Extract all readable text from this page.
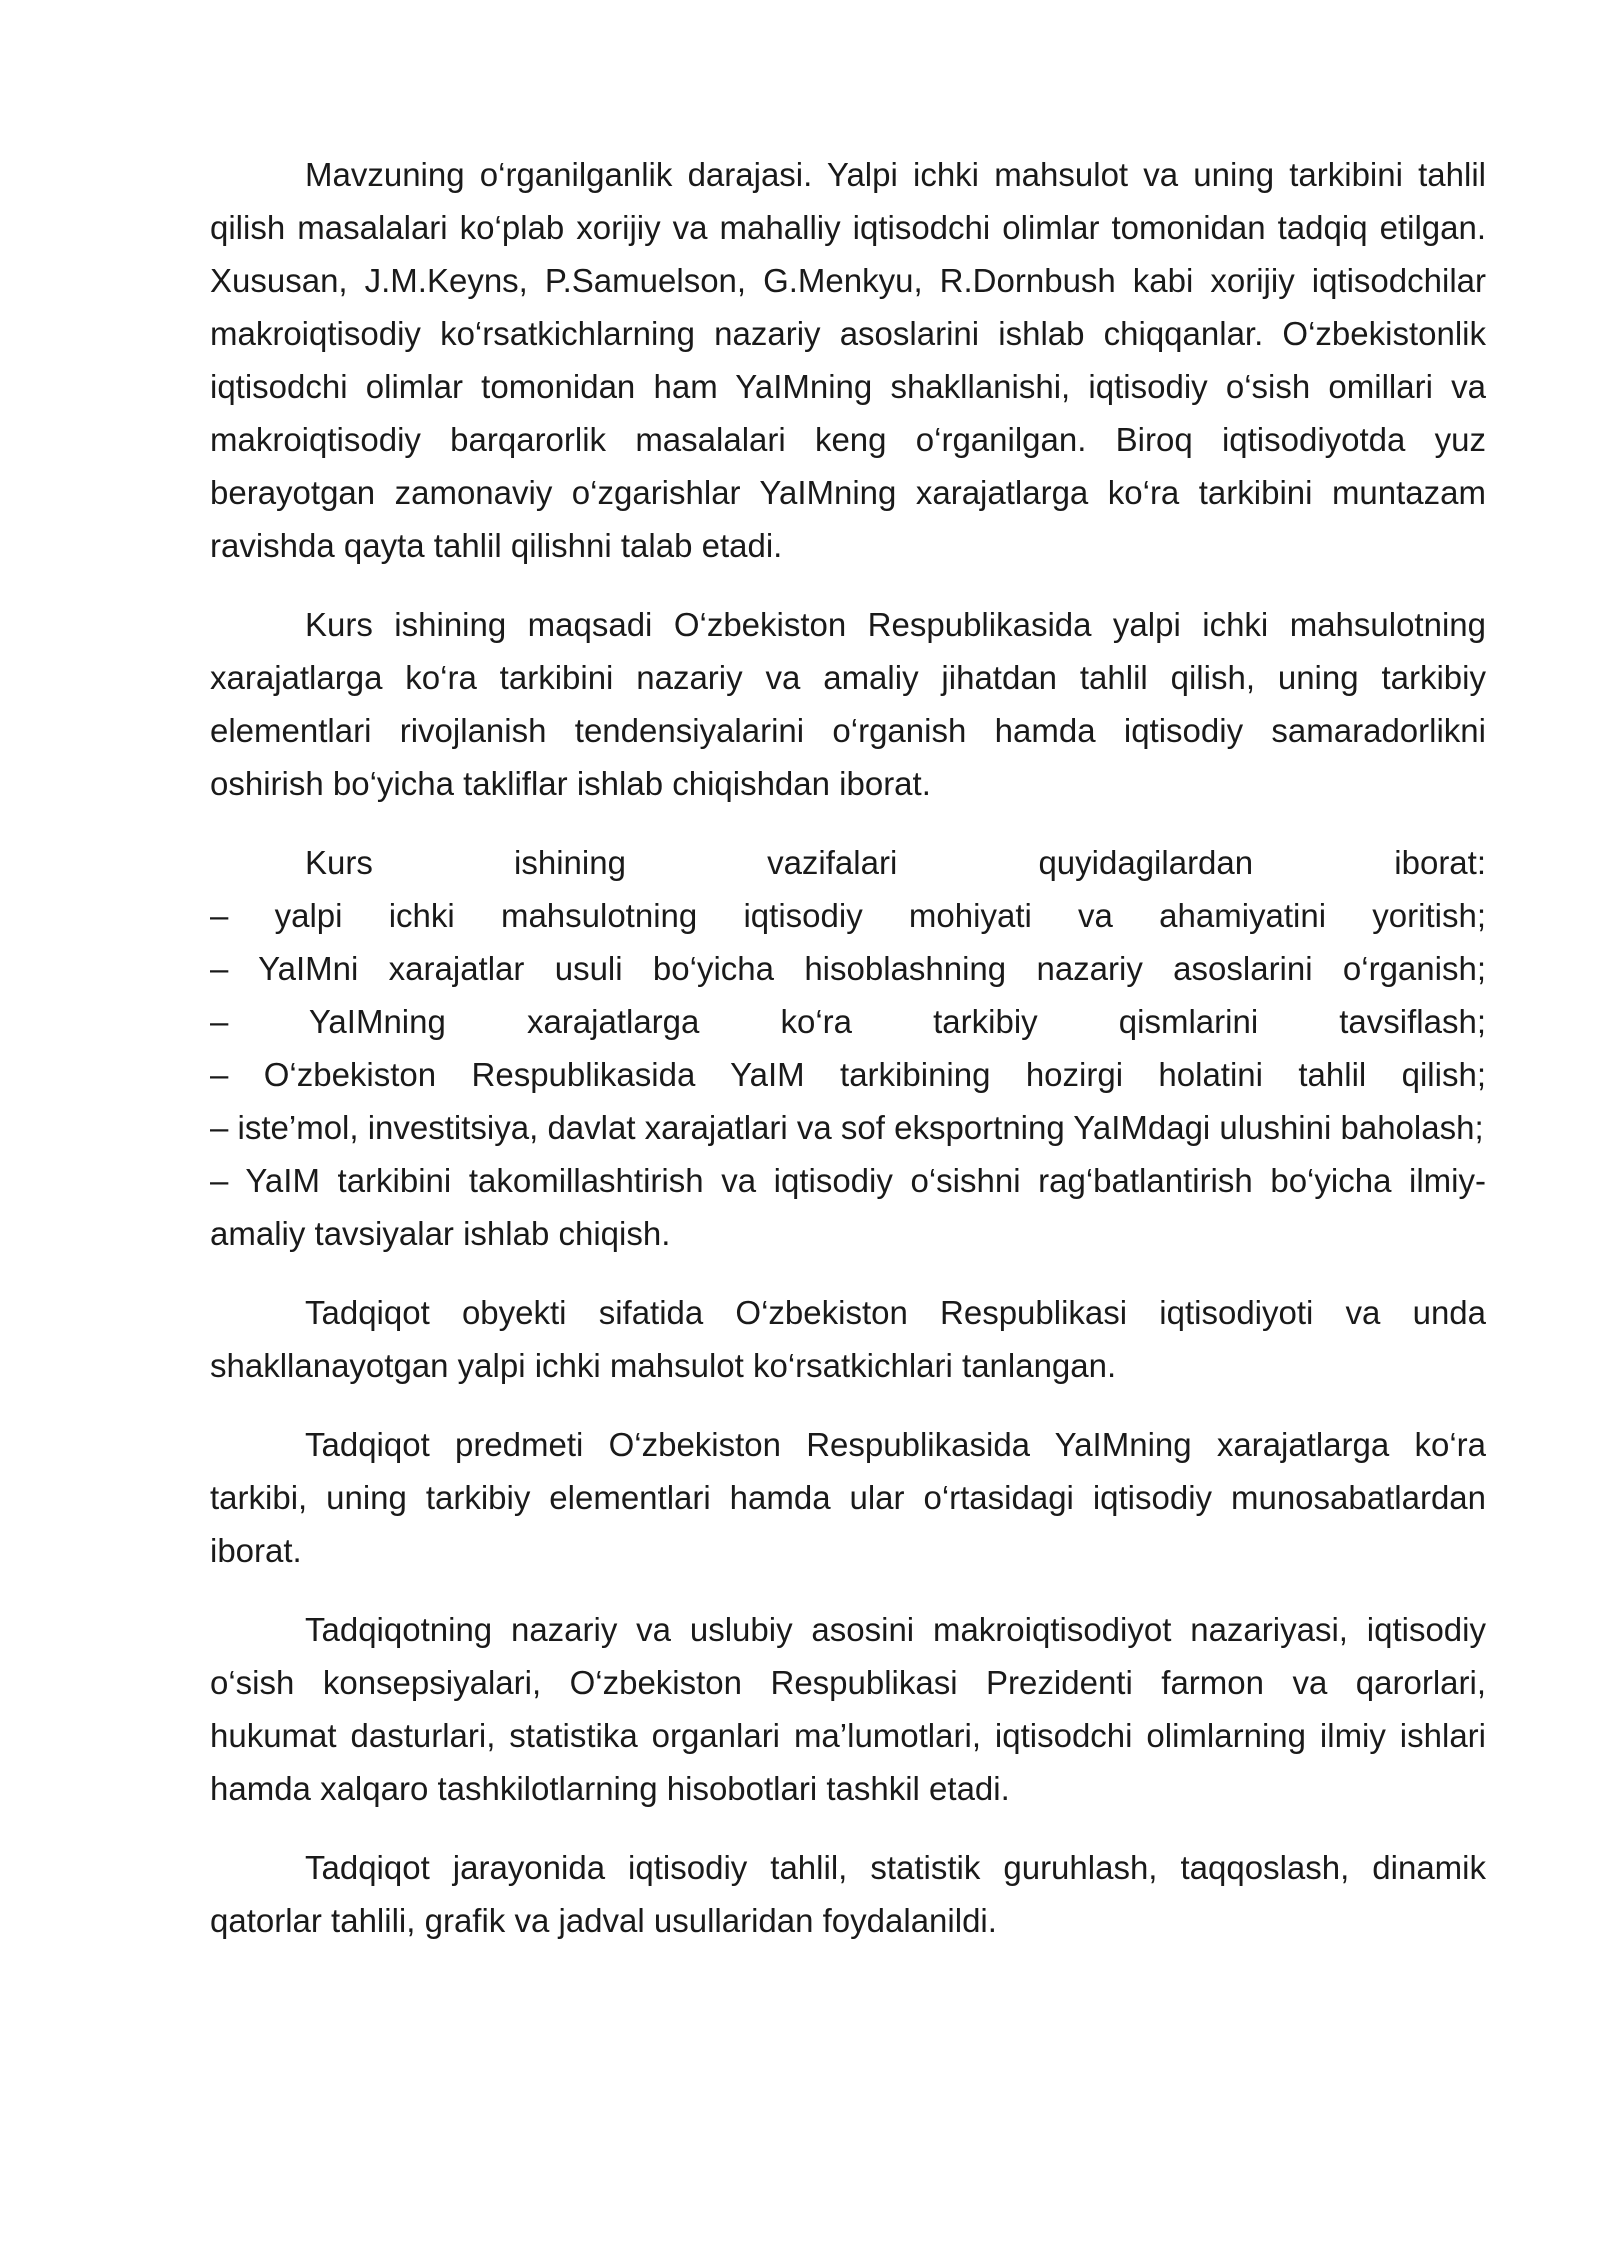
Mavzuning o‘rganilganlik darajasi. Yalpi ichki mahsulot va uning tarkibini tahlil qilish masalalari ko‘plab xorijiy va mahalliy iqtisodchi olimlar tomonidan tadqiq etilgan. Xususan, J.M.Keyns, P.Samuelson, G.Menkyu, R.Dornbush kabi xorijiy iqtisodchilar makroiqtisodiy ko‘rsatkichlarning nazariy asoslarini ishlab chiqqanlar. O‘zbekistonlik iqtisodchi olimlar tomonidan ham YaIMning shakllanishi, iqtisodiy o‘sish omillari va makroiqtisodiy barqarorlik masalalari keng o‘rganilgan. Biroq iqtisodiyotda yuz berayotgan zamonaviy o‘zgarishlar YaIMning xarajatlarga ko‘ra tarkibini muntazam ravishda qayta tahlil qilishni talab etadi.

Kurs ishining maqsadi O‘zbekiston Respublikasida yalpi ichki mahsulotning xarajatlarga ko‘ra tarkibini nazariy va amaliy jihatdan tahlil qilish, uning tarkibiy elementlari rivojlanish tendensiyalarini o‘rganish hamda iqtisodiy samaradorlikni oshirish bo‘yicha takliflar ishlab chiqishdan iborat.

Kurs ishining vazifalari quyidagilardan iborat:

– yalpi ichki mahsulotning iqtisodiy mohiyati va ahamiyatini yoritish;
– YaIMni xarajatlar usuli bo‘yicha hisoblashning nazariy asoslarini o‘rganish;
– YaIMning xarajatlarga ko‘ra tarkibiy qismlarini tavsiflash;
– O‘zbekiston Respublikasida YaIM tarkibining hozirgi holatini tahlil qilish;
– iste’mol, investitsiya, davlat xarajatlari va sof eksportning YaIMdagi ulushini baholash;
– YaIM tarkibini takomillashtirish va iqtisodiy o‘sishni rag‘batlantirish bo‘yicha ilmiy-amaliy tavsiyalar ishlab chiqish.

Tadqiqot obyekti sifatida O‘zbekiston Respublikasi iqtisodiyoti va unda shakllanayotgan yalpi ichki mahsulot ko‘rsatkichlari tanlangan.

Tadqiqot predmeti O‘zbekiston Respublikasida YaIMning xarajatlarga ko‘ra tarkibi, uning tarkibiy elementlari hamda ular o‘rtasidagi iqtisodiy munosabatlardan iborat.

Tadqiqotning nazariy va uslubiy asosini makroiqtisodiyot nazariyasi, iqtisodiy o‘sish konsepsiyalari, O‘zbekiston Respublikasi Prezidenti farmon va qarorlari, hukumat dasturlari, statistika organlari ma’lumotlari, iqtisodchi olimlarning ilmiy ishlari hamda xalqaro tashkilotlarning hisobotlari tashkil etadi.

Tadqiqot jarayonida iqtisodiy tahlil, statistik guruhlash, taqqoslash, dinamik qatorlar tahlili, grafik va jadval usullaridan foydalanildi.
